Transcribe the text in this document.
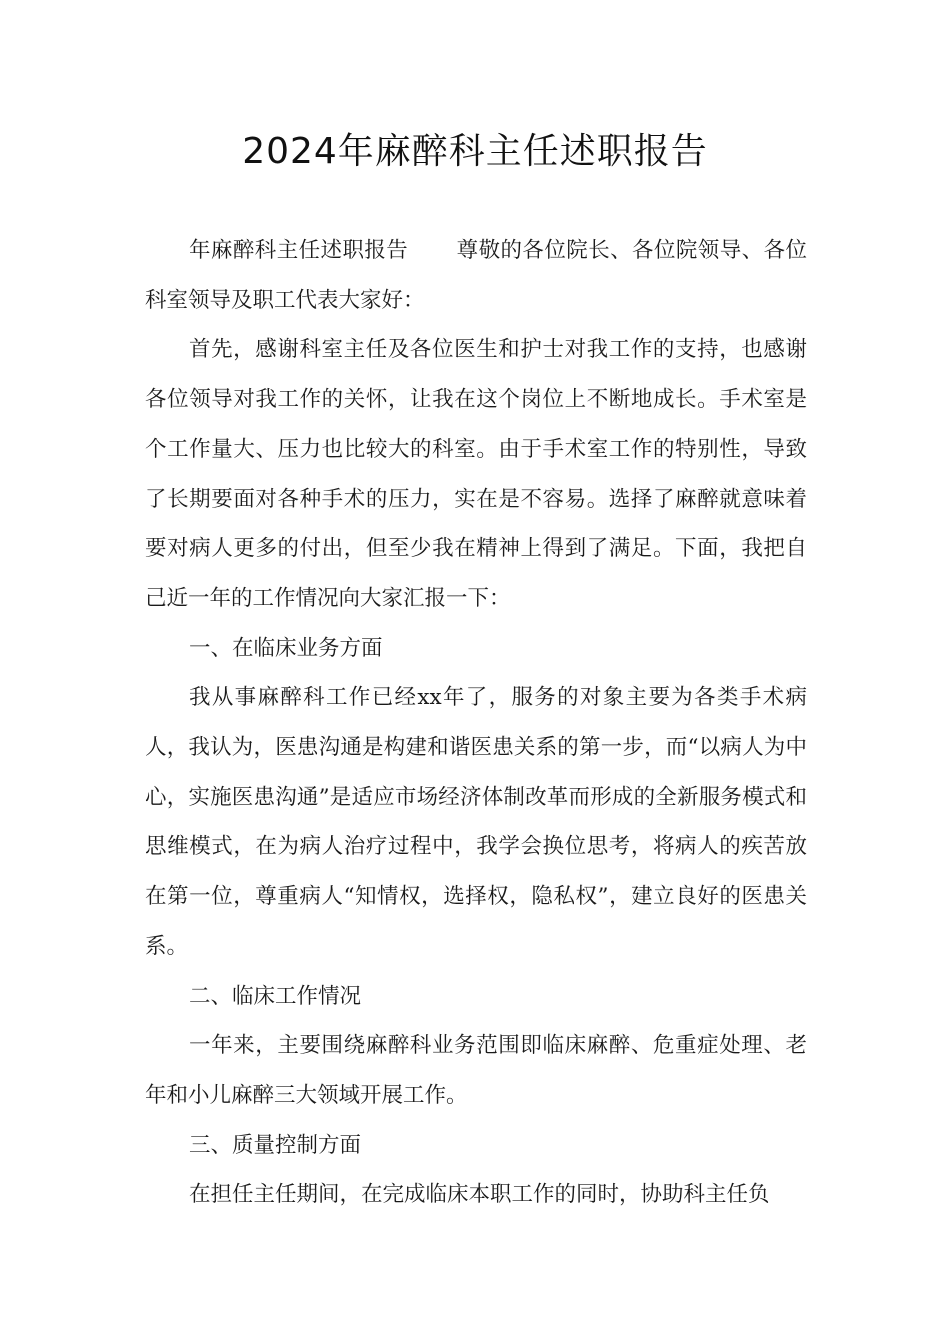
2024年麻醉科主任述职报告

年麻醉科主任述职报告 尊敬的各位院长、各位院领导、各位科室领导及职工代表大家好：

首先，感谢科室主任及各位医生和护士对我工作的支持，也感谢各位领导对我工作的关怀，让我在这个岗位上不断地成长。手术室是个工作量大、压力也比较大的科室。由于手术室工作的特别性，导致了长期要面对各种手术的压力，实在是不容易。选择了麻醉就意味着要对病人更多的付出，但至少我在精神上得到了满足。下面，我把自己近一年的工作情况向大家汇报一下：

一、在临床业务方面

我从事麻醉科工作已经xx年了，服务的对象主要为各类手术病人，我认为，医患沟通是构建和谐医患关系的第一步，而“以病人为中心，实施医患沟通”是适应市场经济体制改革而形成的全新服务模式和思维模式，在为病人治疗过程中，我学会换位思考，将病人的疾苦放在第一位，尊重病人“知情权，选择权，隐私权”，建立良好的医患关系。

二、临床工作情况

一年来，主要围绕麻醉科业务范围即临床麻醉、危重症处理、老年和小儿麻醉三大领域开展工作。

三、质量控制方面

在担任主任期间，在完成临床本职工作的同时，协助科主任负
